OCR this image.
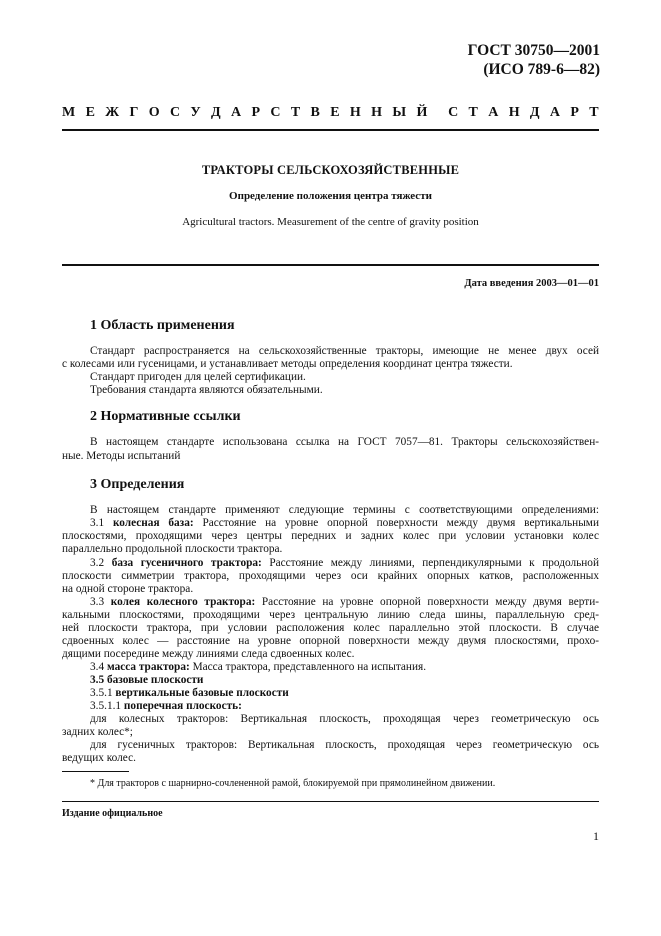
ГОСТ 30750—2001
(ИСО 789-6—82)
М Е Ж Г О С У Д А Р С Т В Е Н Н Ы Й С Т А Н Д А Р Т
ТРАКТОРЫ СЕЛЬСКОХОЗЯЙСТВЕННЫЕ
Определение положения центра тяжести
Agricultural tractors. Measurement of the centre of gravity position
Дата введения 2003—01—01
1 Область применения
Стандарт распространяется на сельскохозяйственные тракторы, имеющие не менее двух осей
с колесами или гусеницами, и устанавливает методы определения координат центра тяжести.
Стандарт пригоден для целей сертификации.
Требования стандарта являются обязательными.
2 Нормативные ссылки
В настоящем стандарте использована ссылка на ГОСТ 7057—81. Тракторы сельскохозяйствен-
ные. Методы испытаний
3 Определения
В настоящем стандарте применяют следующие термины с соответствующими определениями:
3.1 колесная база: Расстояние на уровне опорной поверхности между двумя вертикальными
плоскостями, проходящими через центры передних и задних колес при условии установки колес
параллельно продольной плоскости трактора.
3.2 база гусеничного трактора: Расстояние между линиями, перпендикулярными к продольной
плоскости симметрии трактора, проходящими через оси крайних опорных катков, расположенных
на одной стороне трактора.
3.3 колея колесного трактора: Расстояние на уровне опорной поверхности между двумя верти-
кальными плоскостями, проходящими через центральную линию следа шины, параллельную сред-
ней плоскости трактора, при условии расположения колес параллельно этой плоскости. В случае
сдвоенных колес — расстояние на уровне опорной поверхности между двумя плоскостями, прохо-
дящими посередине между линиями следа сдвоенных колес.
3.4 масса трактора: Масса трактора, представленного на испытания.
3.5 базовые плоскости
3.5.1 вертикальные базовые плоскости
3.5.1.1 поперечная плоскость:
для колесных тракторов: Вертикальная плоскость, проходящая через геометрическую ось
задних колес*;
для гусеничных тракторов: Вертикальная плоскость, проходящая через геометрическую ось
ведущих колес.
* Для тракторов с шарнирно-сочлененной рамой, блокируемой при прямолинейном движении.
Издание официальное
1
